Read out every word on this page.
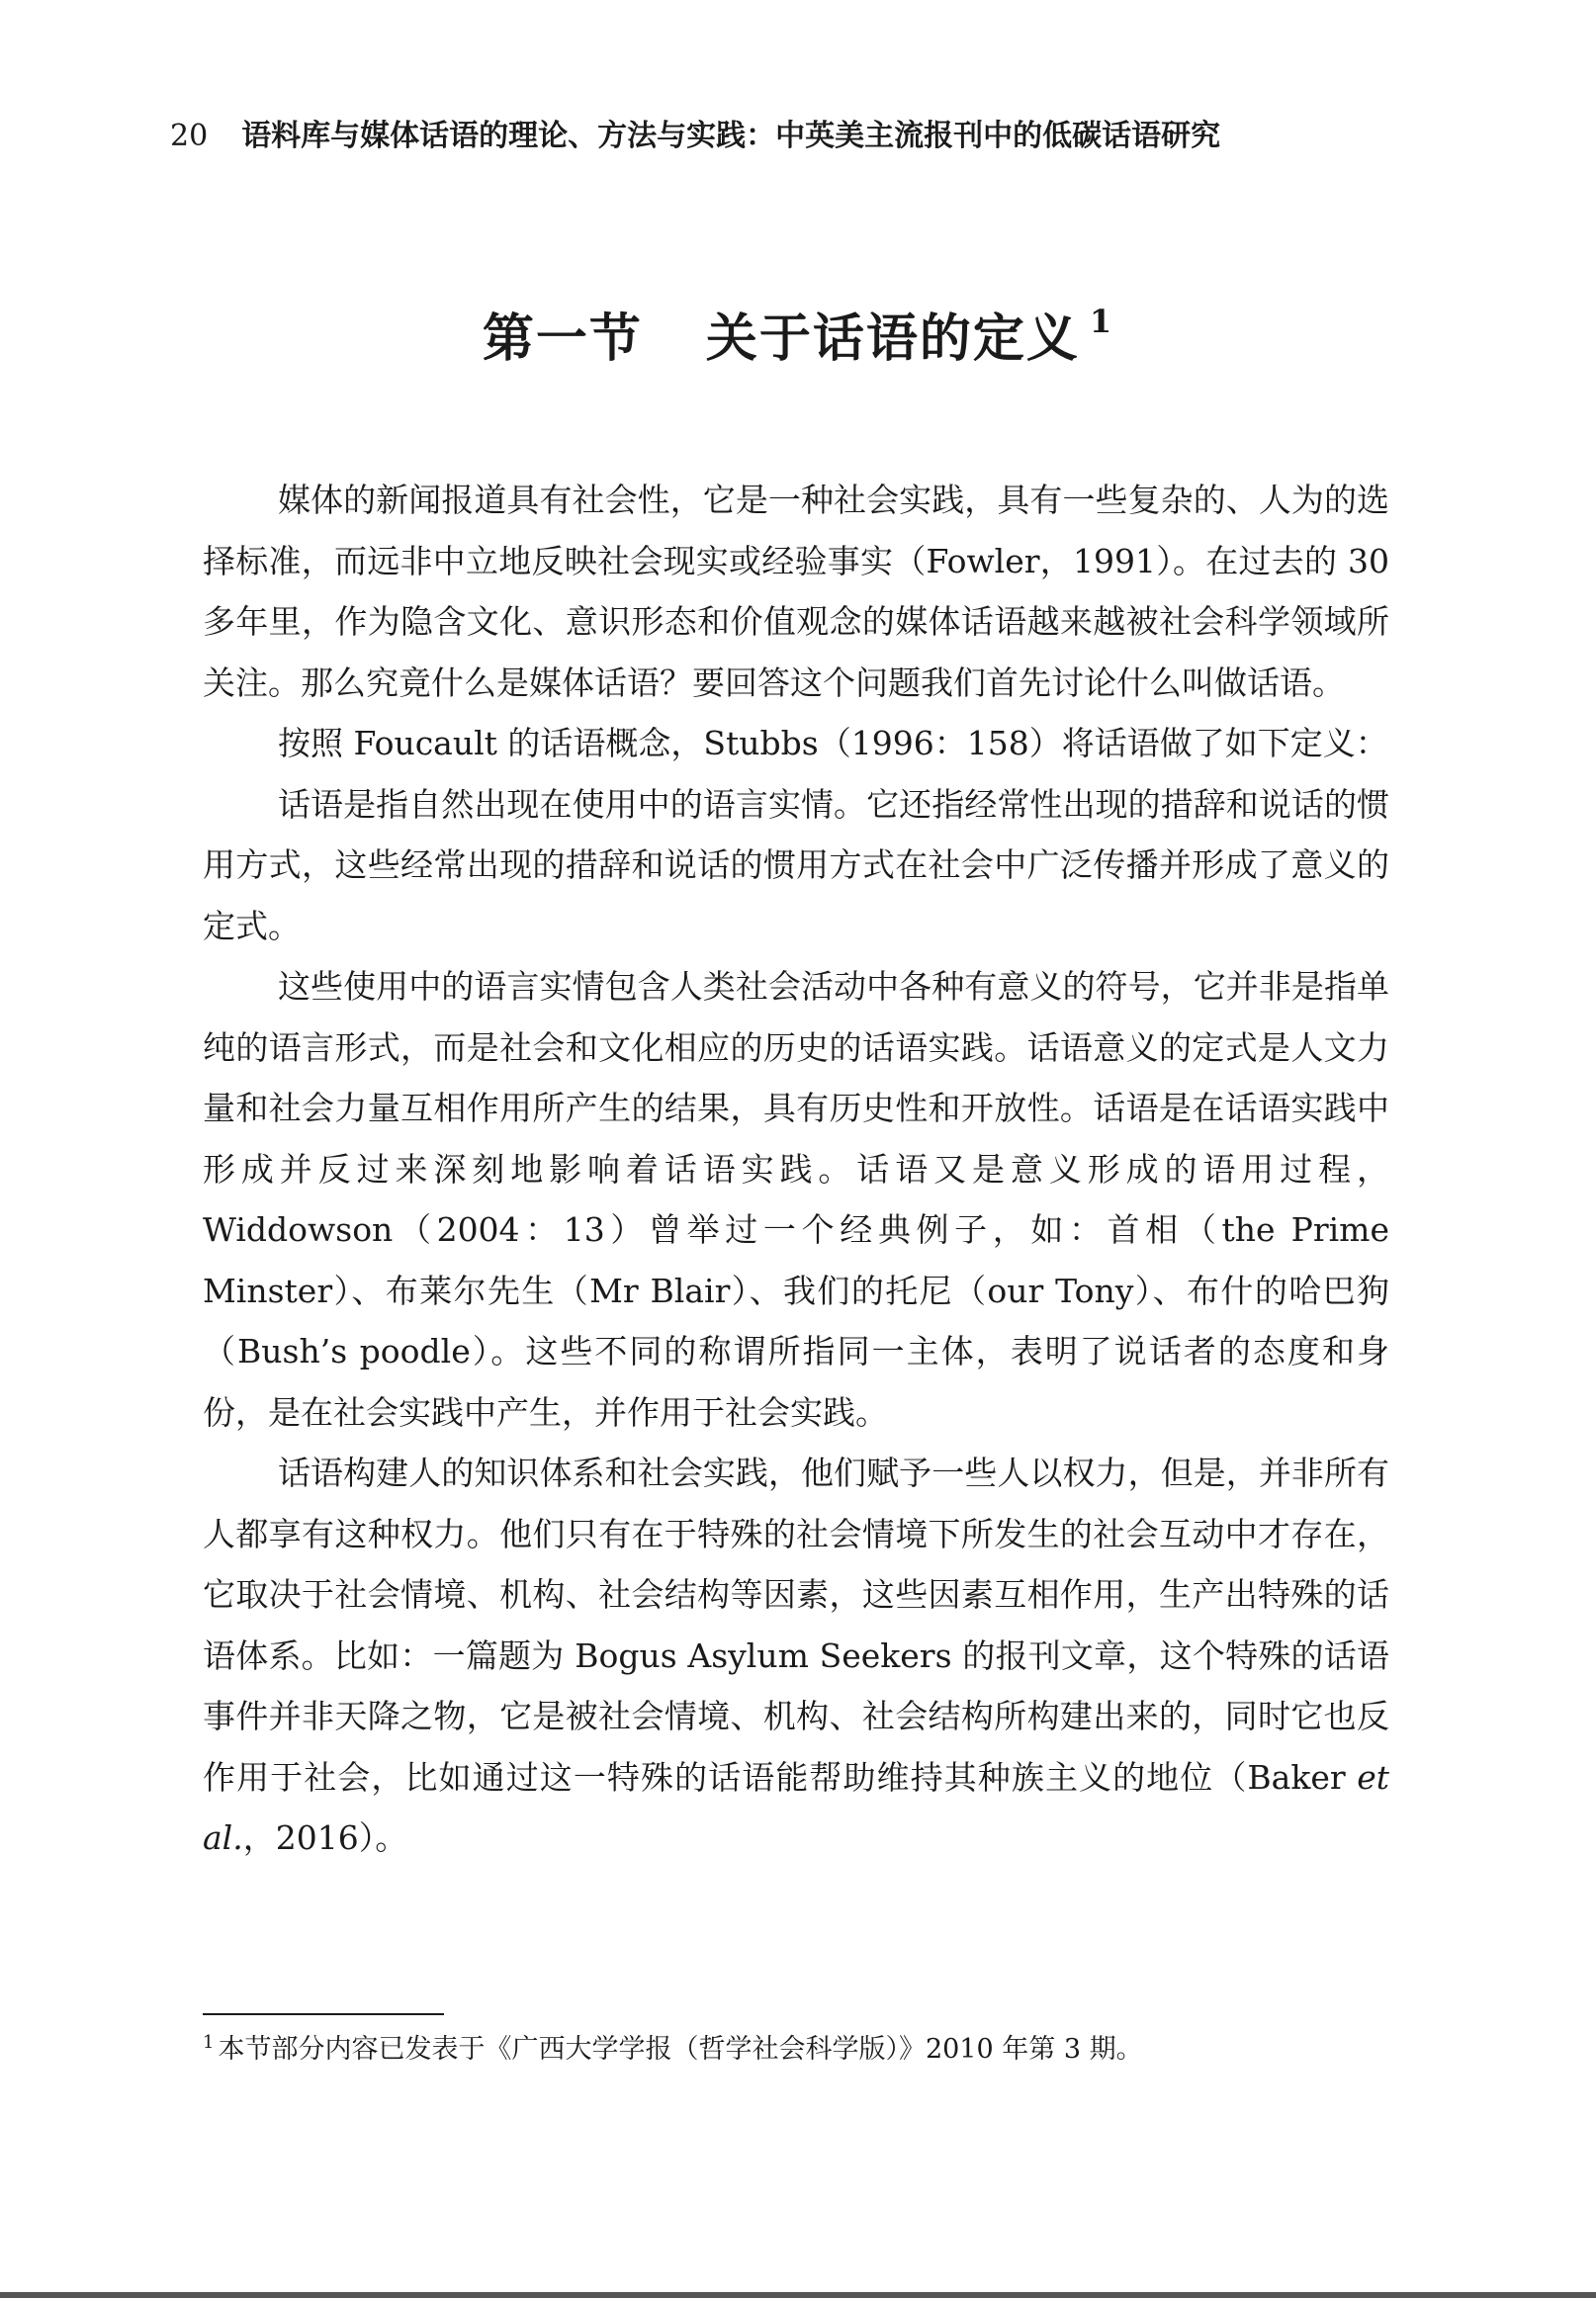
20 语料库与媒体话语的理论、方法与实践：中英美主流报刊中的低碳话语研究
第一节 关于话语的定义 $^1$

媒体的新闻报道具有社会性，它是一种社会实践，具有一些复杂的、人为的选择标准，而远非中立地反映社会现实或经验事实（Fowler，1991）。在过去的 30 多年里，作为隐含文化、意识形态和价值观念的媒体话语越来越被社会科学领域所关注。那么究竟什么是媒体话语？要回答这个问题我们首先讨论什么叫做话语。

按照 Foucault 的话语概念，Stubbs（1996：158）将话语做了如下定义：

话语是指自然出现在使用中的语言实情。它还指经常性出现的措辞和说话的惯用方式，这些经常出现的措辞和说话的惯用方式在社会中广泛传播并形成了意义的定式。

这些使用中的语言实情包含人类社会活动中各种有意义的符号，它并非是指单纯的语言形式，而是社会和文化相应的历史的话语实践。话语意义的定式是人文力量和社会力量互相作用所产生的结果，具有历史性和开放性。话语是在话语实践中形成并反过来深刻地影响着话语实践。话语又是意义形成的语用过程，Widdowson（2004：13）曾举过一个经典例子，如：首相（the Prime Minster）、布莱尔先生（Mr Blair）、我们的托尼（our Tony）、布什的哈巴狗（Bush’s poodle）。这些不同的称谓所指同一主体，表明了说话者的态度和身份，是在社会实践中产生，并作用于社会实践。

话语构建人的知识体系和社会实践，他们赋予一些人以权力，但是，并非所有人都享有这种权力。他们只有在于特殊的社会情境下所发生的社会互动中才存在，它取决于社会情境、机构、社会结构等因素，这些因素互相作用，生产出特殊的话语体系。比如：一篇题为 Bogus Asylum Seekers 的报刊文章，这个特殊的话语事件并非天降之物，它是被社会情境、机构、社会结构所构建出来的，同时它也反作用于社会，比如通过这一特殊的话语能帮助维持其种族主义的地位（Baker et al.，2016）。

$^1$ 本节部分内容已发表于《广西大学学报（哲学社会科学版）》2010 年第 3 期。
